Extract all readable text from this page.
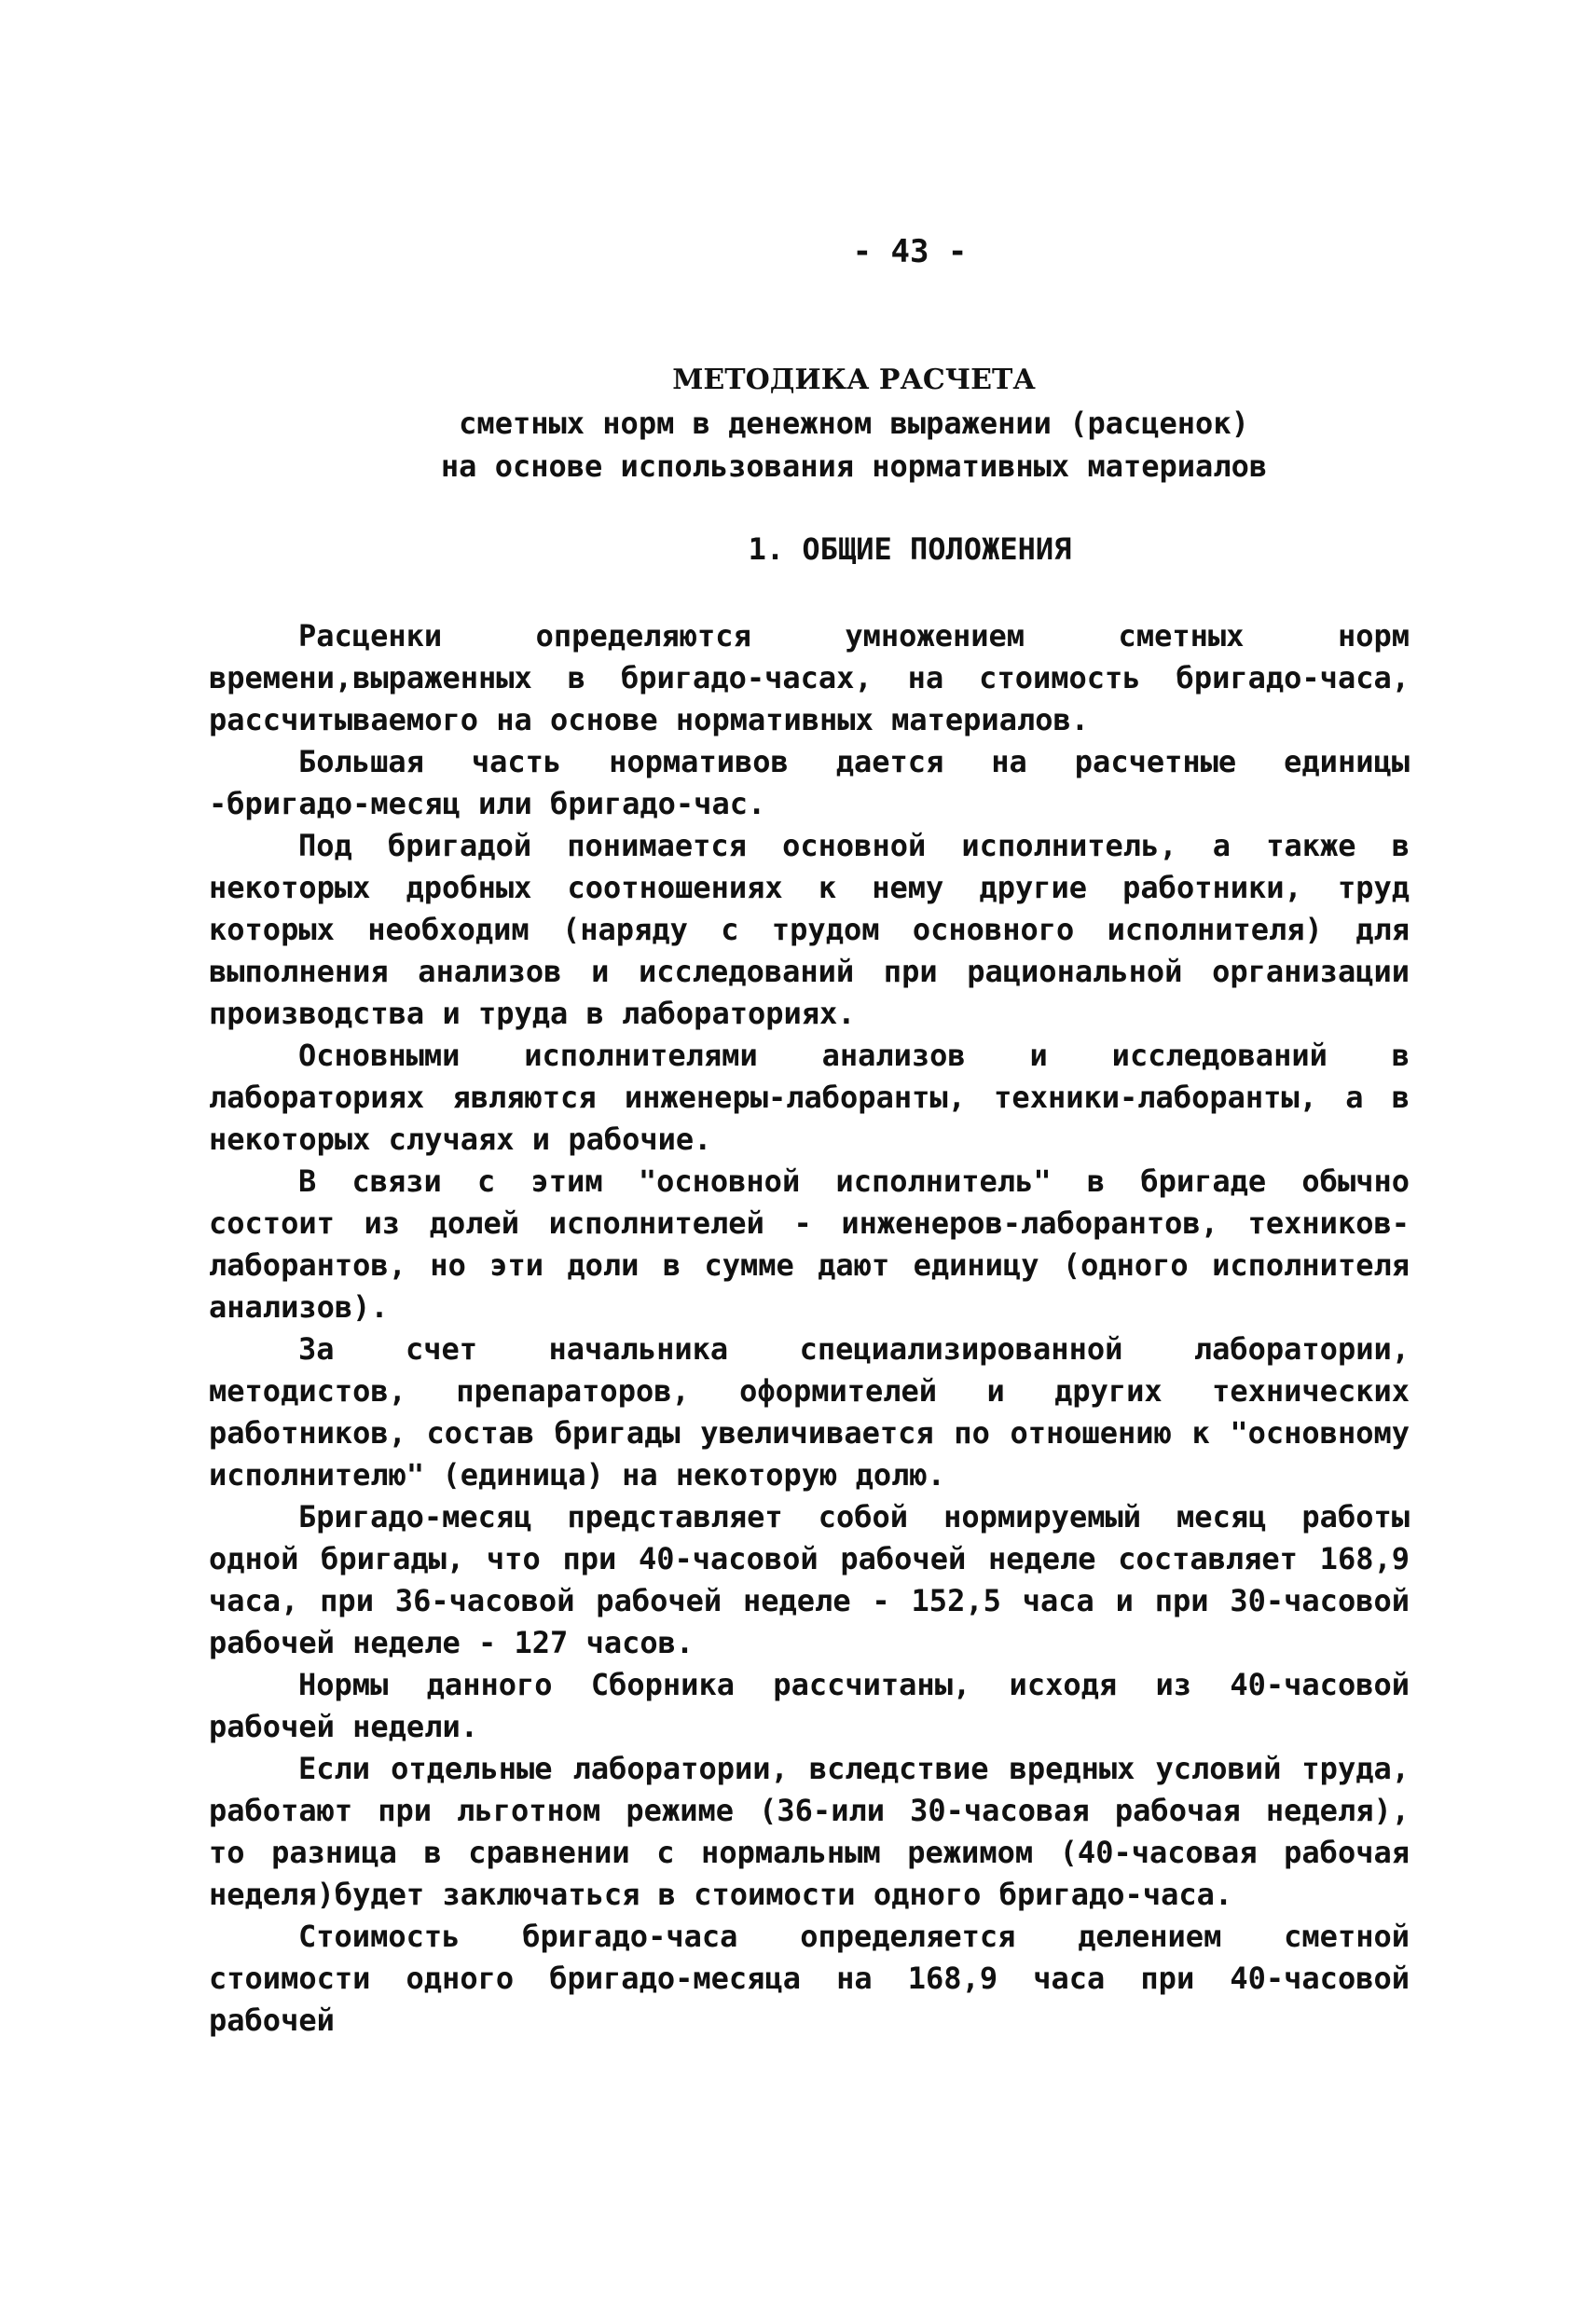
- 43 -
МЕТОДИКА РАСЧЕТА
сметных норм в денежном выражении (расценок)
на основе использования нормативных материалов
1. ОБЩИЕ ПОЛОЖЕНИЯ

Расценки определяются умножением сметных норм времени,выраженных в бригадо-часах, на стоимость бригадо-часа, рассчитываемого на основе нормативных материалов.

Большая часть нормативов дается на расчетные единицы -бригадо-месяц или бригадо-час.

Под бригадой понимается основной исполнитель, а также в некоторых дробных соотношениях к нему другие работники, труд которых необходим (наряду с трудом основного исполнителя) для выполнения анализов и исследований при рациональной организации производства и труда в лабораториях.

Основными исполнителями анализов и исследований в лабораториях являются инженеры-лаборанты, техники-лаборанты, а в некоторых случаях и рабочие.

В связи с этим "основной исполнитель" в бригаде обычно состоит из долей исполнителей - инженеров-лаборантов, техников-лаборантов, но эти доли в сумме дают единицу (одного исполнителя анализов).

За счет начальника специализированной лаборатории, методистов, препараторов, оформителей и других технических работников, состав бригады увеличивается по отношению к "основному исполнителю" (единица) на некоторую долю.

Бригадо-месяц представляет собой нормируемый месяц работы одной бригады, что при 40-часовой рабочей неделе составляет 168,9 часа, при 36-часовой рабочей неделе - 152,5 часа и при 30-часовой рабочей неделе - 127 часов.

Нормы данного Сборника рассчитаны, исходя из 40-часовой рабочей недели.

Если отдельные лаборатории, вследствие вредных условий труда, работают при льготном режиме (36-или 30-часовая рабочая неделя), то разница в сравнении с нормальным режимом (40-часовая рабочая неделя)будет заключаться в стоимости одного бригадо-часа.

Стоимость бригадо-часа определяется делением сметной стоимости одного бригадо-месяца на 168,9 часа при 40-часовой рабочей
